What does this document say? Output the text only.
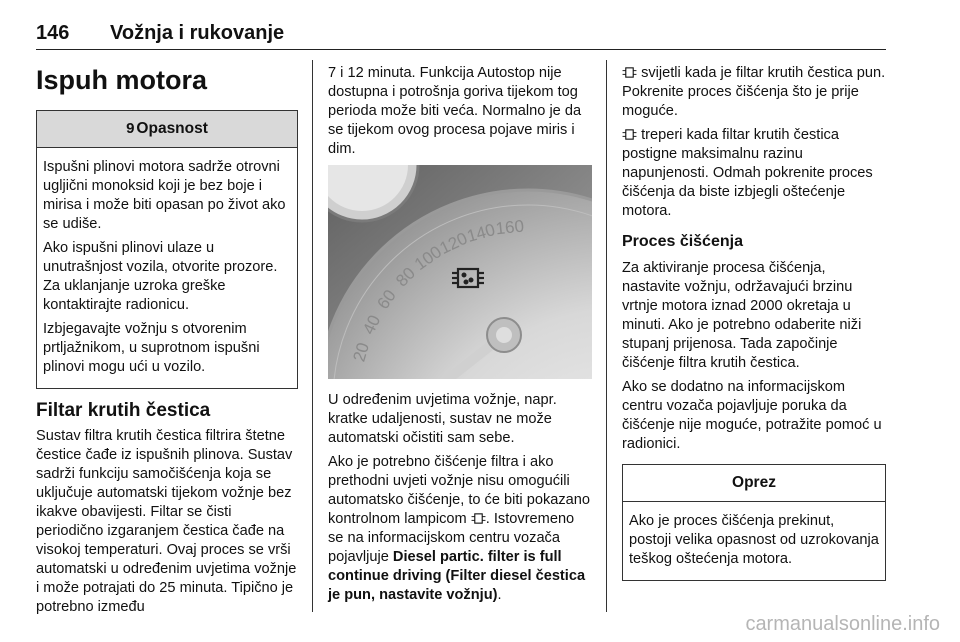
146 Vožnja i rukovanje
Ispuh motora
9 Opasnost

Ispušni plinovi motora sadrže otrovni ugljični monoksid koji je bez boje i mirisa i može biti opasan po život ako se udiše.

Ako ispušni plinovi ulaze u unutrašnjost vozila, otvorite prozore. Za uklanjanje uzroka greške kontaktirajte radionicu.

Izbjegavajte vožnju s otvorenim prtljažnikom, u suprotnom ispušni plinovi mogu ući u vozilo.

Filtar krutih čestica

Sustav filtra krutih čestica filtrira štetne čestice čađe iz ispušnih plinova. Sustav sadrži funkciju samočišćenja koja se uključuje automatski tijekom vožnje bez ikakve obavijesti. Filtar se čisti periodično izgaranjem čestica čađe na visokoj temperaturi. Ovaj proces se vrši automatski u određenim uvjetima vožnje i može potrajati do 25 minuta. Tipično je potrebno između

7 i 12 minuta. Funkcija Autostop nije dostupna i potrošnja goriva tijekom tog perioda može biti veća. Normalno je da se tijekom ovog procesa pojave miris i dim.

20
40
60
80
100
120
140
160

U određenim uvjetima vožnje, napr. kratke udaljenosti, sustav ne može automatski očistiti sam sebe.

Ako je potrebno čišćenje filtra i ako prethodni uvjeti vožnje nisu omogućili automatsko čišćenje, to će biti pokazano kontrolnom lampicom . Istovremeno se na informacijskom centru vozača pojavljuje Diesel partic. filter is full continue driving (Filter diesel čestica je pun, nastavite vožnju).

svijetli kada je filtar krutih čestica pun. Pokrenite proces čišćenja što je prije moguće.

treperi kada filtar krutih čestica postigne maksimalnu razinu napunjenosti. Odmah pokrenite proces čišćenja da biste izbjegli oštećenje motora.

Proces čišćenja

Za aktiviranje procesa čišćenja, nastavite vožnju, održavajući brzinu vrtnje motora iznad 2000 okretaja u minuti. Ako je potrebno odaberite niži stupanj prijenosa. Tada započinje čišćenje filtra krutih čestica.

Ako se dodatno na informacijskom centru vozača pojavljuje poruka da čišćenje nije moguće, potražite pomoć u radionici.

Oprez

Ako je proces čišćenja prekinut, postoji velika opasnost od uzrokovanja teškog oštećenja motora.

carmanualsonline.info
